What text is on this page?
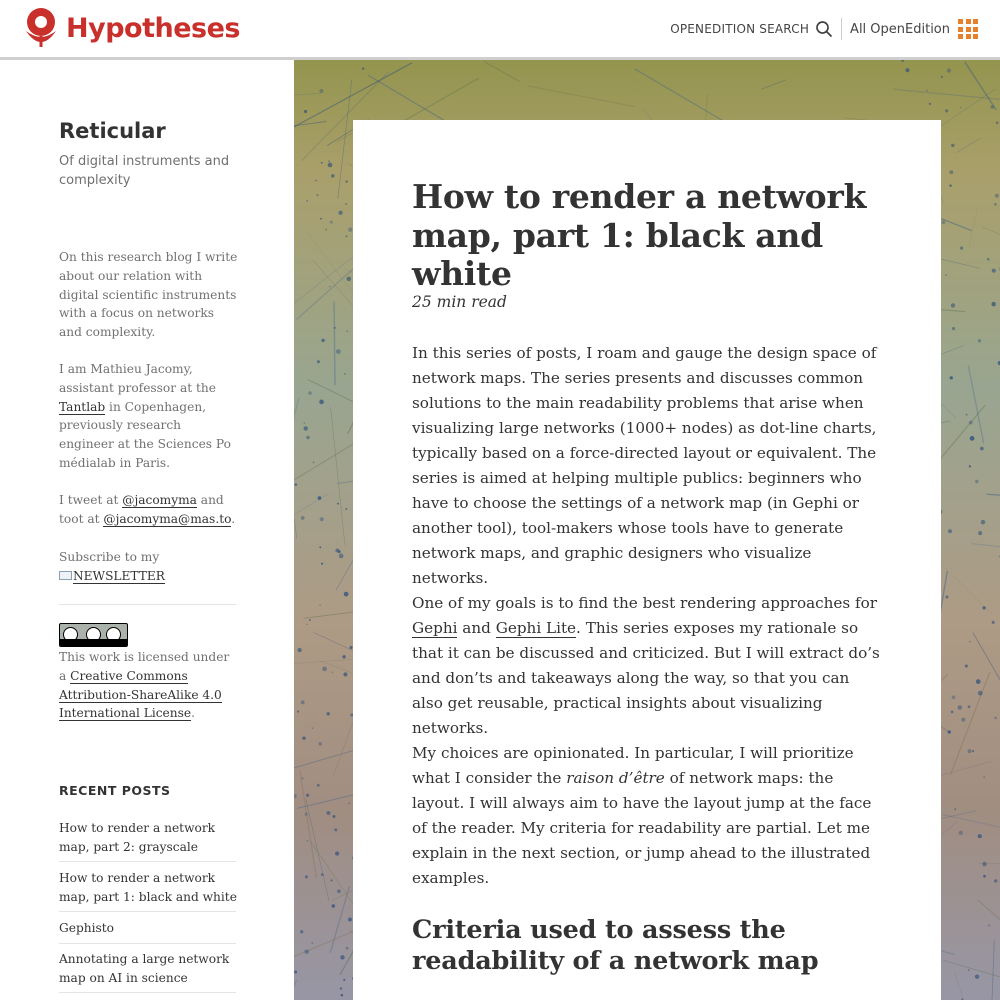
Hypotheses	OPENEDITION SEARCH	All OpenEdition
Reticular
Of digital instruments and complexity

On this research blog I write about our relation with digital scientific instruments with a focus on networks and complexity.

I am Mathieu Jacomy, assistant professor at the Tantlab in Copenhagen, previously research engineer at the Sciences Po médialab in Paris.

I tweet at @jacomyma and toot at @jacomyma@mas.to.

Subscribe to my
NEWSLETTER

This work is licensed under a Creative Commons Attribution-ShareAlike 4.0 International License.

RECENT POSTS
How to render a network map, part 2: grayscale
How to render a network map, part 1: black and white
Gephisto
Annotating a large network map on AI in science
How to render a network map, part 1: black and white
25 min read

In this series of posts, I roam and gauge the design space of network maps. The series presents and discusses common solutions to the main readability problems that arise when visualizing large networks (1000+ nodes) as dot-line charts, typically based on a force-directed layout or equivalent. The series is aimed at helping multiple publics: beginners who have to choose the settings of a network map (in Gephi or another tool), tool-makers whose tools have to generate network maps, and graphic designers who visualize networks.

One of my goals is to find the best rendering approaches for Gephi and Gephi Lite. This series exposes my rationale so that it can be discussed and criticized. But I will extract do’s and don’ts and takeaways along the way, so that you can also get reusable, practical insights about visualizing networks.

My choices are opinionated. In particular, I will prioritize what I consider the raison d’être of network maps: the layout. I will always aim to have the layout jump at the face of the reader. My criteria for readability are partial. Let me explain in the next section, or jump ahead to the illustrated examples.

Criteria used to assess the readability of a network map
